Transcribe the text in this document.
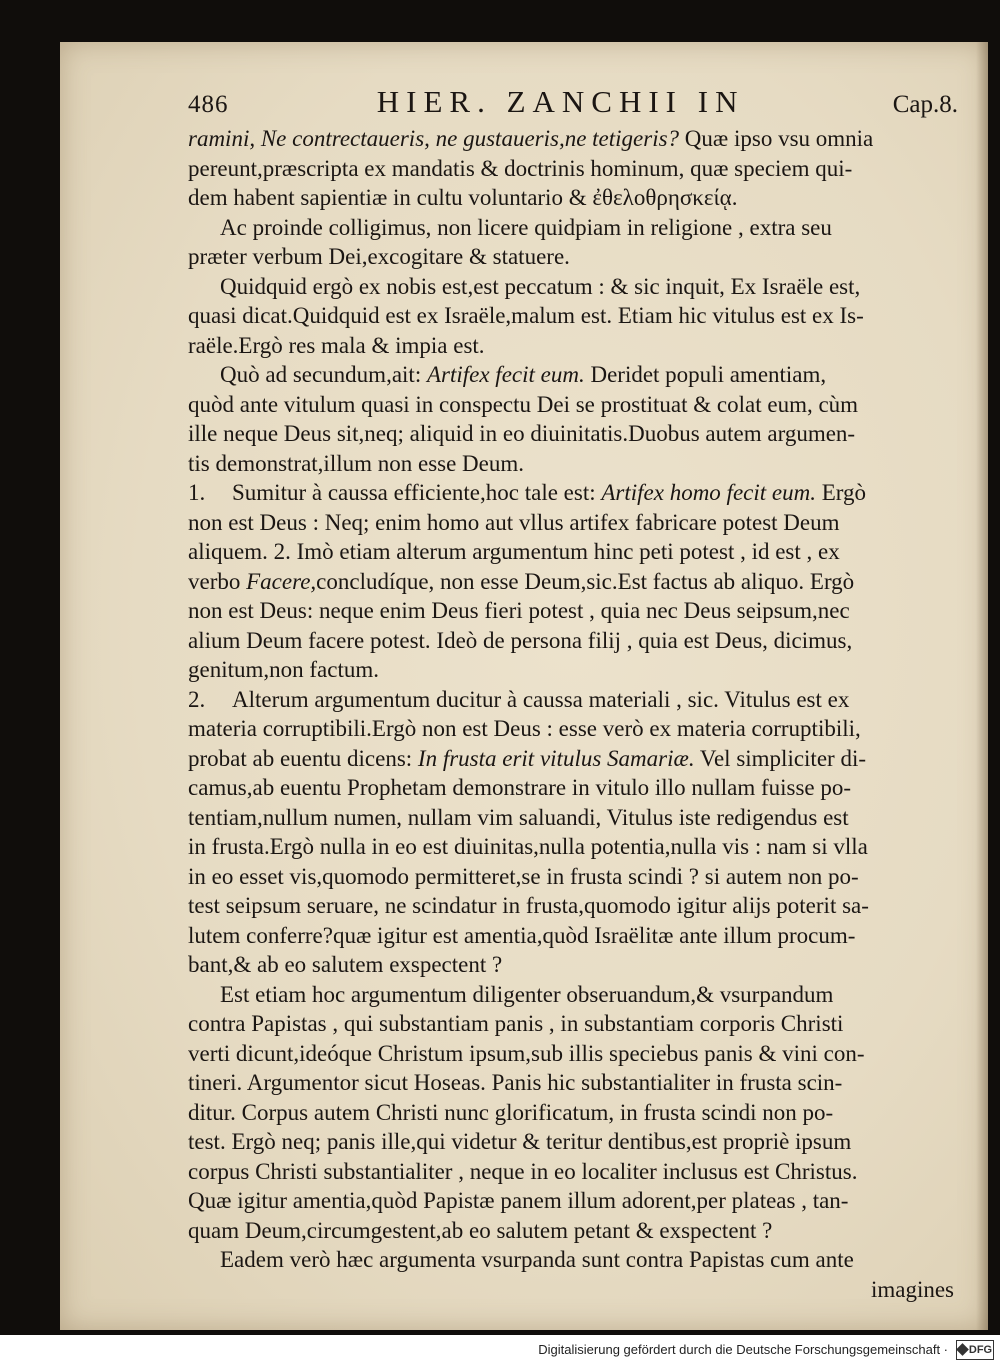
486	HIER. ZANCHII IN	Cap.8.
ramini, Ne contrectaueris, ne gustaueris,ne tetigeris? Quæ ipso vsu omnia
pereunt,præscripta ex mandatis & doctrinis hominum, quæ speciem qui-
dem habent sapientiæ in cultu voluntario & ἐθελοθρησκείᾳ.
Ac proinde colligimus, non licere quidpiam in religione , extra seu
præter verbum Dei,excogitare & statuere.
Quidquid ergò ex nobis est,est peccatum : & sic inquit, Ex Israële est,
quasi dicat.Quidquid est ex Israële,malum est. Etiam hic vitulus est ex Is-
raële.Ergò res mala & impia est.
Quò ad secundum,ait: Artifex fecit eum. Deridet populi amentiam,
quòd ante vitulum quasi in conspectu Dei se prostituat & colat eum, cùm
ille neque Deus sit,neq; aliquid in eo diuinitatis.Duobus autem argumen-
tis demonstrat,illum non esse Deum.
1. Sumitur à caussa efficiente,hoc tale est: Artifex homo fecit eum. Ergò
non est Deus : Neq; enim homo aut vllus artifex fabricare potest Deum
aliquem. 2. Imò etiam alterum argumentum hinc peti potest , id est , ex
verbo Facere,concludíque, non esse Deum,sic.Est factus ab aliquo. Ergò
non est Deus: neque enim Deus fieri potest , quia nec Deus seipsum,nec
alium Deum facere potest. Ideò de persona filij , quia est Deus, dicimus,
genitum,non factum.
2. Alterum argumentum ducitur à caussa materiali , sic. Vitulus est ex
materia corruptibili.Ergò non est Deus : esse verò ex materia corruptibili,
probat ab euentu dicens: In frusta erit vitulus Samariæ. Vel simpliciter di-
camus,ab euentu Prophetam demonstrare in vitulo illo nullam fuisse po-
tentiam,nullum numen, nullam vim saluandi, Vitulus iste redigendus est
in frusta.Ergò nulla in eo est diuinitas,nulla potentia,nulla vis : nam si vlla
in eo esset vis,quomodo permitteret,se in frusta scindi ? si autem non po-
test seipsum seruare, ne scindatur in frusta,quomodo igitur alijs poterit sa-
lutem conferre?quæ igitur est amentia,quòd Israëlitæ ante illum procum-
bant,& ab eo salutem exspectent ?
Est etiam hoc argumentum diligenter obseruandum,& vsurpandum
contra Papistas , qui substantiam panis , in substantiam corporis Christi
verti dicunt,ideóque Christum ipsum,sub illis speciebus panis & vini con-
tineri. Argumentor sicut Hoseas. Panis hic substantialiter in frusta scin-
ditur. Corpus autem Christi nunc glorificatum, in frusta scindi non po-
test. Ergò neq; panis ille,qui videtur & teritur dentibus,est propriè ipsum
corpus Christi substantialiter , neque in eo localiter inclusus est Christus.
Quæ igitur amentia,quòd Papistæ panem illum adorent,per plateas , tan-
quam Deum,circumgestent,ab eo salutem petant & exspectent ?
Eadem verò hæc argumenta vsurpanda sunt contra Papistas cum ante
imagines
Digitalisierung gefördert durch die Deutsche Forschungsgemeinschaft · DFG
